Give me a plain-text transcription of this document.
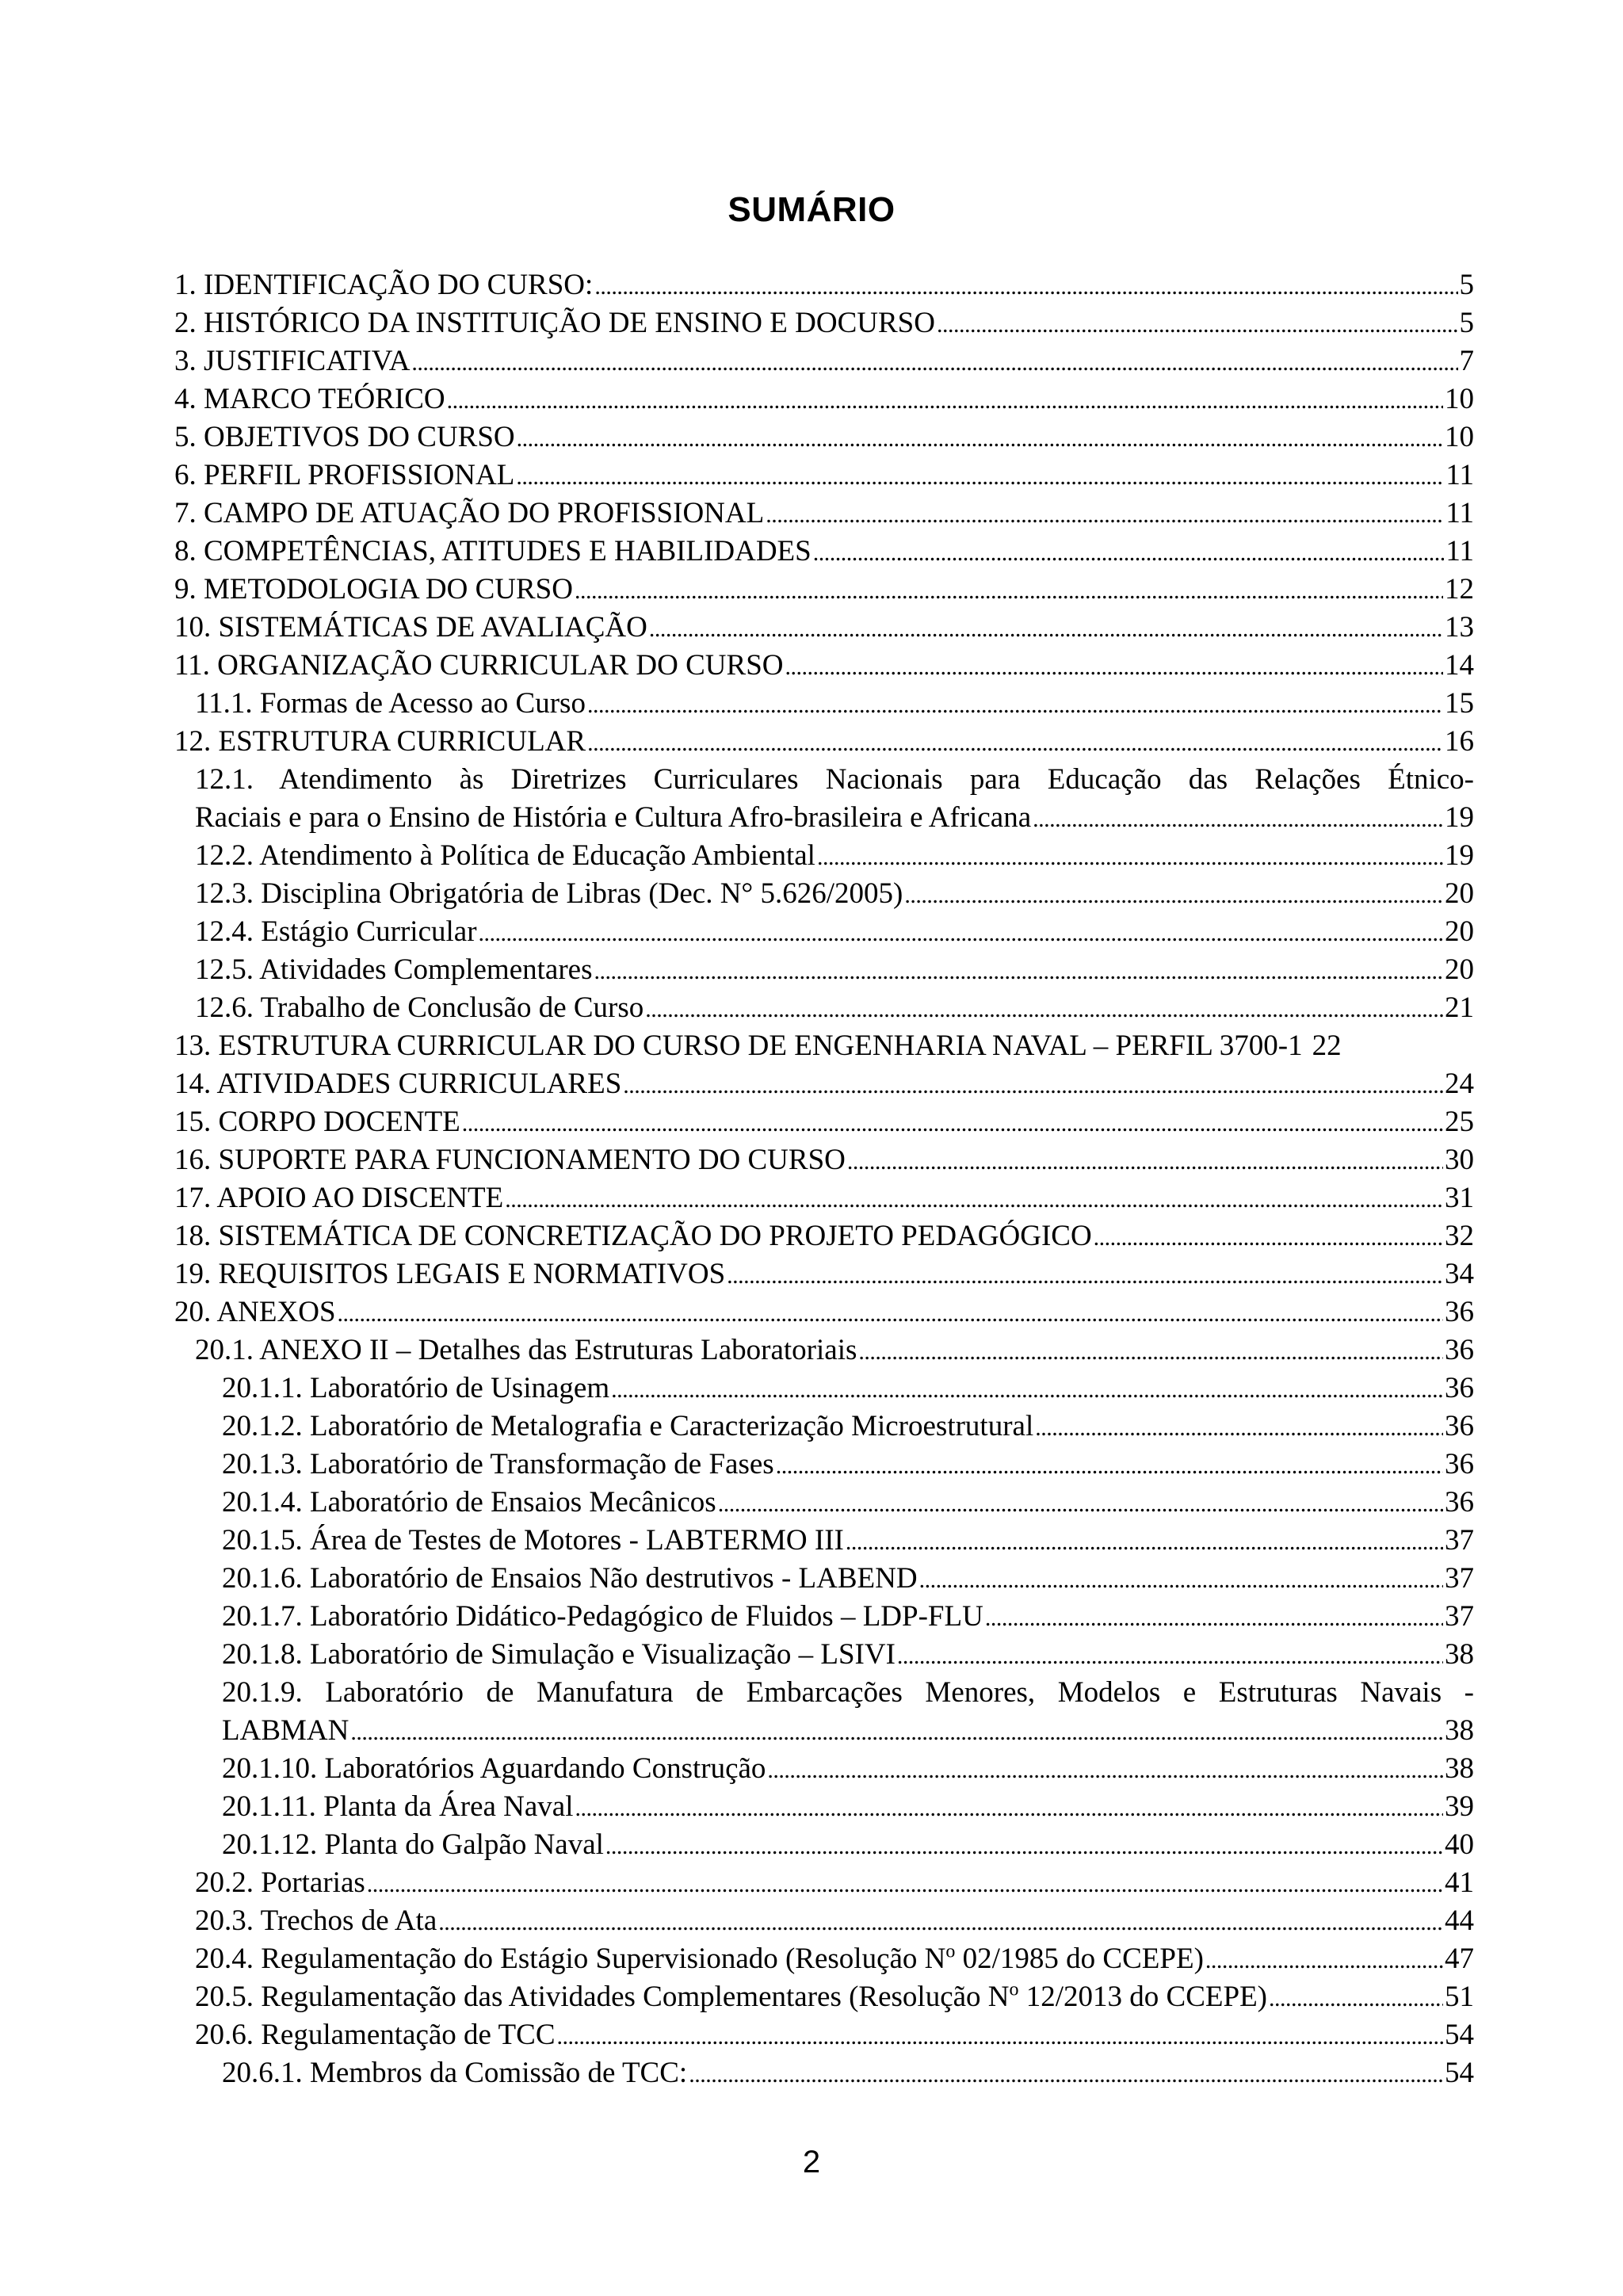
SUMÁRIO
1. IDENTIFICAÇÃO DO CURSO: . . .	5
2. HISTÓRICO DA INSTITUIÇÃO DE ENSINO E DOCURSO . . .	5
3. JUSTIFICATIVA . . .	7
4. MARCO TEÓRICO . . .	10
5. OBJETIVOS DO CURSO . . .	10
6. PERFIL PROFISSIONAL . . .	11
7. CAMPO DE ATUAÇÃO DO PROFISSIONAL . . .	11
8. COMPETÊNCIAS, ATITUDES E HABILIDADES . . .	11
9. METODOLOGIA DO CURSO . . .	12
10. SISTEMÁTICAS DE AVALIAÇÃO . . .	13
11. ORGANIZAÇÃO CURRICULAR DO CURSO . . .	14
11.1. Formas de Acesso ao Curso . . .	15
12. ESTRUTURA CURRICULAR . . .	16
12.1. Atendimento às Diretrizes Curriculares Nacionais para Educação das Relações Étnico-
Raciais e para o Ensino de História e Cultura Afro-brasileira e Africana . . .	19
12.2. Atendimento à Política de Educação Ambiental . . .	19
12.3. Disciplina Obrigatória de Libras (Dec. N° 5.626/2005) . . .	20
12.4. Estágio Curricular . . .	20
12.5. Atividades Complementares . . .	20
12.6. Trabalho de Conclusão de Curso . . .	21
13. ESTRUTURA CURRICULAR DO CURSO DE ENGENHARIA NAVAL – PERFIL 3700-1 22
14. ATIVIDADES CURRICULARES . . .	24
15. CORPO DOCENTE . . .	25
16. SUPORTE PARA FUNCIONAMENTO DO CURSO . . .	30
17. APOIO AO DISCENTE . . .	31
18. SISTEMÁTICA DE CONCRETIZAÇÃO DO PROJETO PEDAGÓGICO . . .	32
19. REQUISITOS LEGAIS E NORMATIVOS . . .	34
20. ANEXOS . . .	36
20.1. ANEXO II – Detalhes das Estruturas Laboratoriais . . .	36
20.1.1. Laboratório de Usinagem . . .	36
20.1.2. Laboratório de Metalografia e Caracterização Microestrutural . . .	36
20.1.3. Laboratório de Transformação de Fases . . .	36
20.1.4. Laboratório de Ensaios Mecânicos . . .	36
20.1.5. Área de Testes de Motores - LABTERMO III . . .	37
20.1.6. Laboratório de Ensaios Não destrutivos - LABEND . . .	37
20.1.7. Laboratório Didático-Pedagógico de Fluidos – LDP-FLU . . .	37
20.1.8. Laboratório de Simulação e Visualização – LSIVI . . .	38
20.1.9. Laboratório de Manufatura de Embarcações Menores, Modelos e Estruturas Navais -
LABMAN . . .	38
20.1.10. Laboratórios Aguardando Construção . . .	38
20.1.11. Planta da Área Naval . . .	39
20.1.12. Planta do Galpão Naval . . .	40
20.2. Portarias . . .	41
20.3. Trechos de Ata . . .	44
20.4. Regulamentação do Estágio Supervisionado (Resolução $N^o$ 02/1985 do CCEPE) . . .	47
20.5. Regulamentação das Atividades Complementares (Resolução $N^o$ 12/2013 do CCEPE) . . .	51
20.6. Regulamentação de TCC . . .	54
20.6.1. Membros da Comissão de TCC: . . .	54
2
